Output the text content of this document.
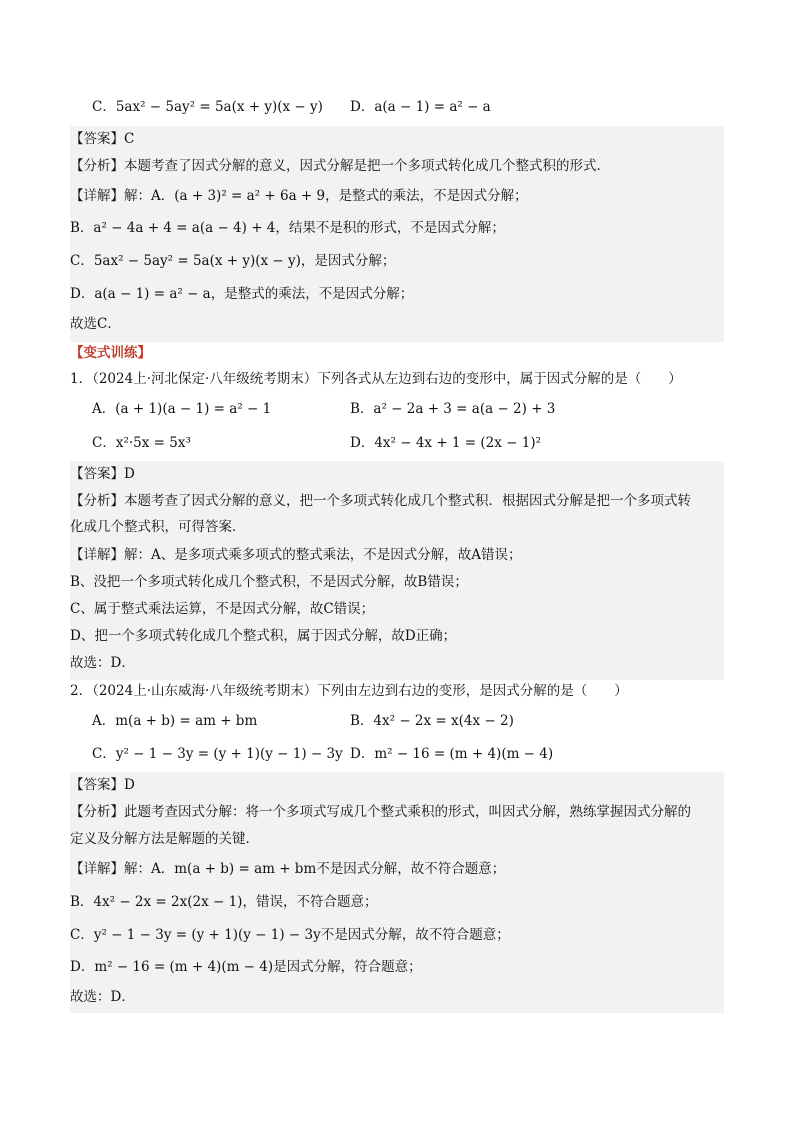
C．5ax² − 5ay² = 5a(x + y)(x − y) D．a(a − 1) = a² − a
【答案】C
【分析】本题考查了因式分解的意义，因式分解是把一个多项式转化成几个整式积的形式．
【详解】解：A．(a + 3)² = a² + 6a + 9，是整式的乘法，不是因式分解；
B．a² − 4a + 4 = a(a − 4) + 4，结果不是积的形式，不是因式分解；
C．5ax² − 5ay² = 5a(x + y)(x − y)，是因式分解；
D．a(a − 1) = a² − a，是整式的乘法，不是因式分解；
故选C．
【变式训练】
1．（2024上·河北保定·八年级统考期末）下列各式从左边到右边的变形中，属于因式分解的是（　　）
A．(a + 1)(a − 1) = a² − 1	B．a² − 2a + 3 = a(a − 2) + 3
C．x²·5x = 5x³	D．4x² − 4x + 1 = (2x − 1)²
【答案】D
【分析】本题考查了因式分解的意义，把一个多项式转化成几个整式积．根据因式分解是把一个多项式转
化成几个整式积，可得答案．
【详解】解：A、是多项式乘多项式的整式乘法，不是因式分解，故A错误；
B、没把一个多项式转化成几个整式积，不是因式分解，故B错误；
C、属于整式乘法运算，不是因式分解，故C错误；
D、把一个多项式转化成几个整式积，属于因式分解，故D正确；
故选：D．
2．（2024上·山东威海·八年级统考期末）下列由左边到右边的变形，是因式分解的是（　　）
A．m(a + b) = am + bm	B．4x² − 2x = x(4x − 2)
C．y² − 1 − 3y = (y + 1)(y − 1) − 3y D．m² − 16 = (m + 4)(m − 4)
【答案】D
【分析】此题考查因式分解：将一个多项式写成几个整式乘积的形式，叫因式分解，熟练掌握因式分解的
定义及分解方法是解题的关键．
【详解】解：A．m(a + b) = am + bm不是因式分解，故不符合题意；
B．4x² − 2x = 2x(2x − 1)，错误，不符合题意；
C．y² − 1 − 3y = (y + 1)(y − 1) − 3y不是因式分解，故不符合题意；
D．m² − 16 = (m + 4)(m − 4)是因式分解，符合题意；
故选：D．
